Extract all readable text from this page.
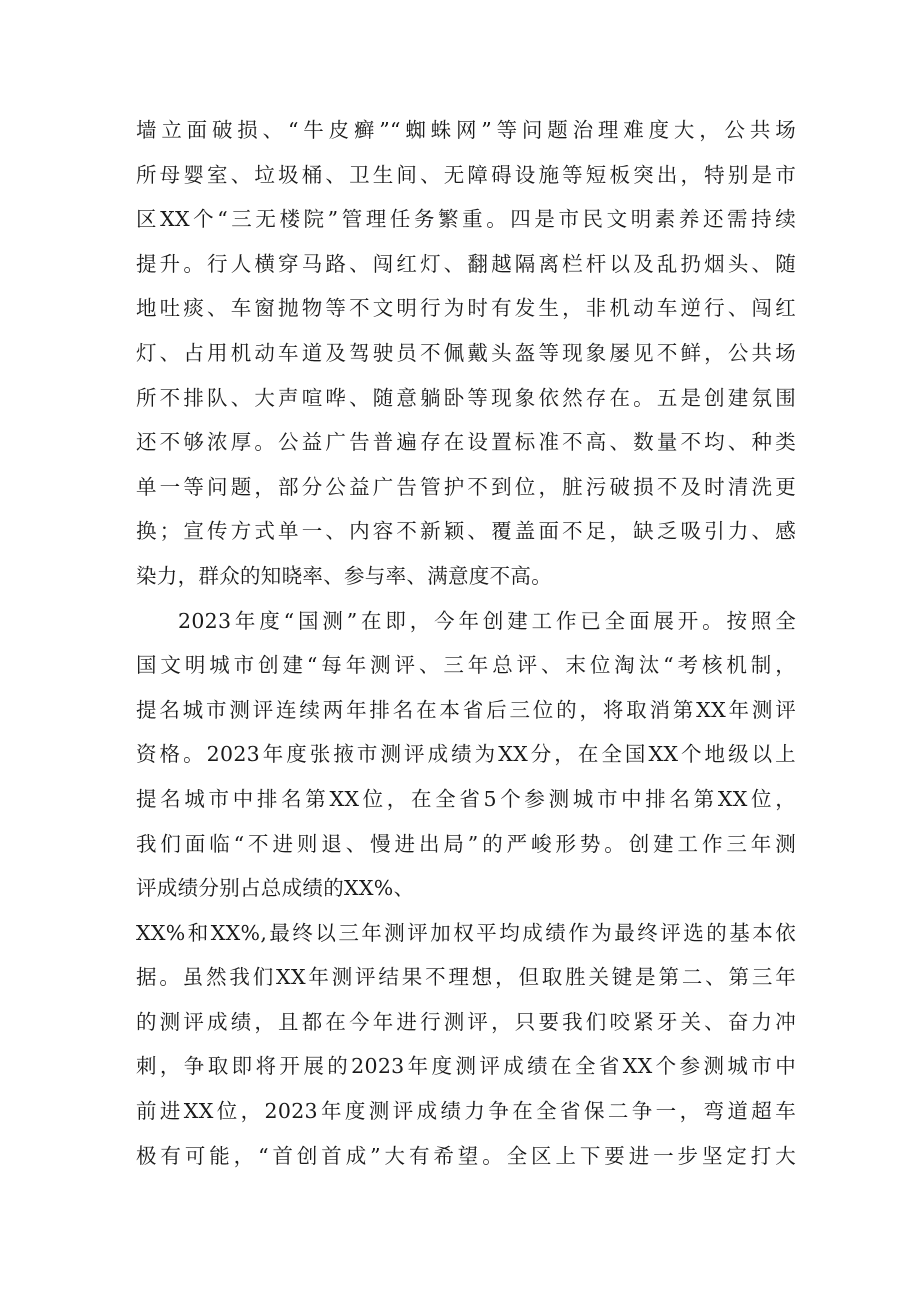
墙立面破损、“牛皮癣”“蜘蛛网”等问题治理难度大，公共场
所母婴室、垃圾桶、卫生间、无障碍设施等短板突出，特别是市
区XX个“三无楼院”管理任务繁重。四是市民文明素养还需持续
提升。行人横穿马路、闯红灯、翻越隔离栏杆以及乱扔烟头、随
地吐痰、车窗抛物等不文明行为时有发生，非机动车逆行、闯红
灯、占用机动车道及驾驶员不佩戴头盔等现象屡见不鲜，公共场
所不排队、大声喧哗、随意躺卧等现象依然存在。五是创建氛围
还不够浓厚。公益广告普遍存在设置标准不高、数量不均、种类
单一等问题，部分公益广告管护不到位，脏污破损不及时清洗更
换；宣传方式单一、内容不新颖、覆盖面不足，缺乏吸引力、感
染力，群众的知晓率、参与率、满意度不高。
2023年度“国测”在即，今年创建工作已全面展开。按照全
国文明城市创建“每年测评、三年总评、末位淘汰“考核机制，
提名城市测评连续两年排名在本省后三位的，将取消第XX年测评
资格。2023年度张掖市测评成绩为XX分，在全国XX个地级以上
提名城市中排名第XX位，在全省5个参测城市中排名第XX位，
我们面临“不进则退、慢进出局”的严峻形势。创建工作三年测
评成绩分别占总成绩的XX%、
XX%和XX%,最终以三年测评加权平均成绩作为最终评选的基本依
据。虽然我们XX年测评结果不理想，但取胜关键是第二、第三年
的测评成绩，且都在今年进行测评，只要我们咬紧牙关、奋力冲
刺，争取即将开展的2023年度测评成绩在全省XX个参测城市中
前进XX位，2023年度测评成绩力争在全省保二争一，弯道超车
极有可能，“首创首成”大有希望。全区上下要进一步坚定打大
